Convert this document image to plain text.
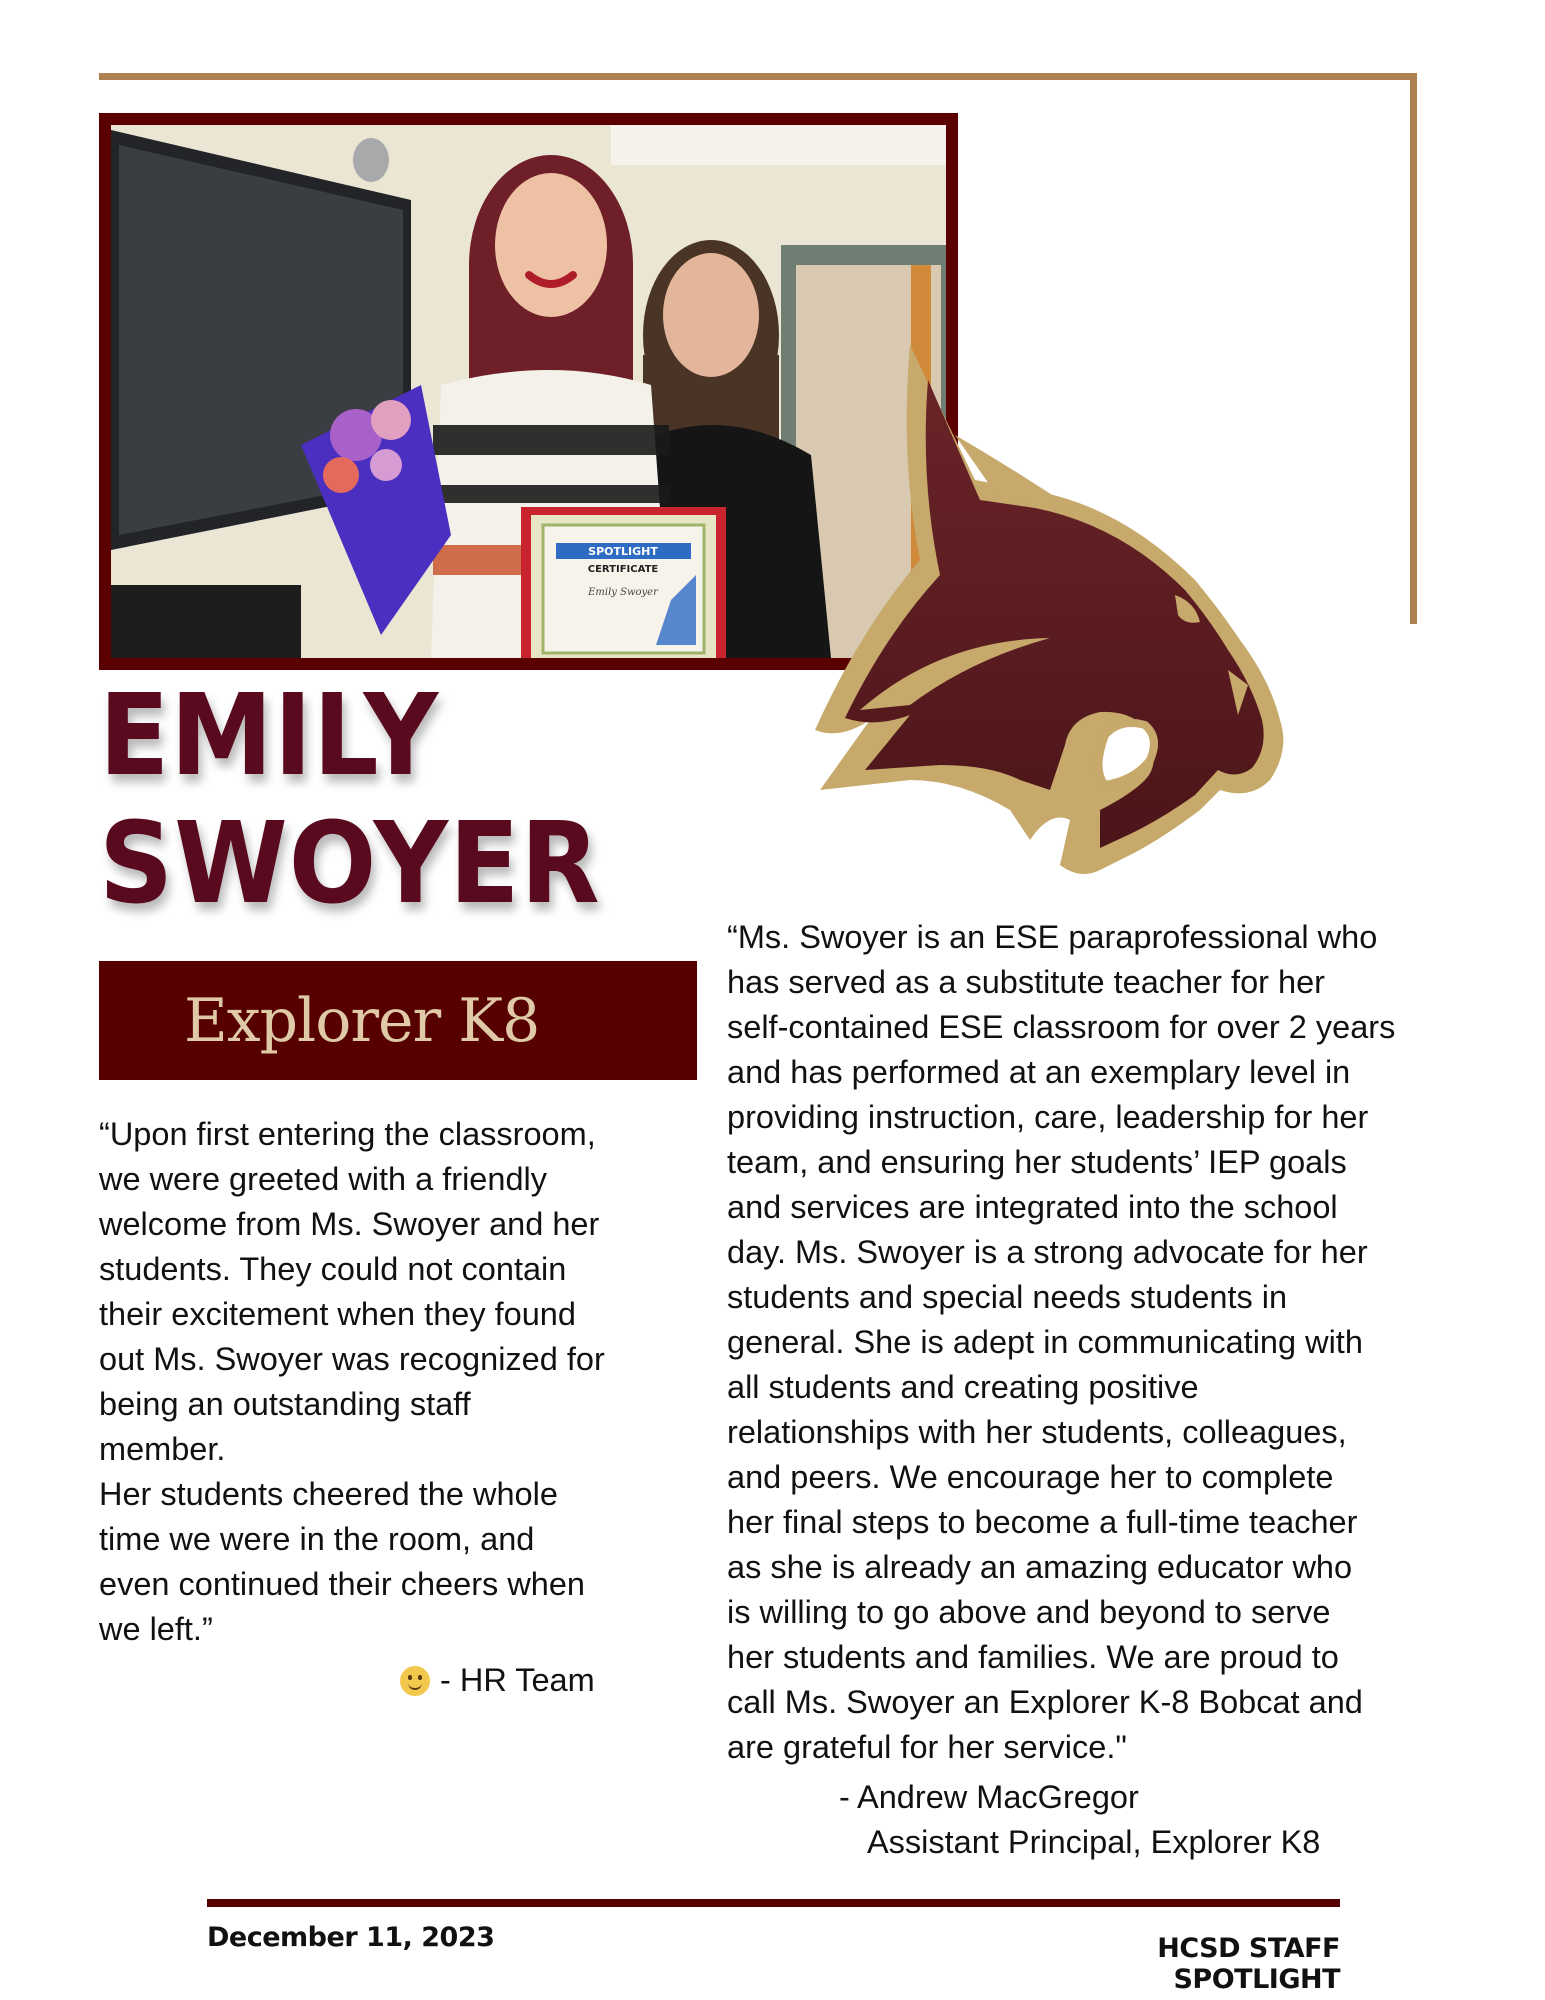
SPOTLIGHT
CERTIFICATE
Emily Swoyer
EMILY
SWOYER
Explorer K8
“Upon first entering the classroom,
we were greeted with a friendly
welcome from Ms. Swoyer and her
students. They could not contain
their excitement when they found
out Ms. Swoyer was recognized for
being an outstanding staff
member.
Her students cheered the whole
time we were in the room, and
even continued their cheers when
we left.”
- HR Team
“Ms. Swoyer is an ESE paraprofessional who
has served as a substitute teacher for her
self-contained ESE classroom for over 2 years
and has performed at an exemplary level in
providing instruction, care, leadership for her
team, and ensuring her students’ IEP goals
and services are integrated into the school
day. Ms. Swoyer is a strong advocate for her
students and special needs students in
general. She is adept in communicating with
all students and creating positive
relationships with her students, colleagues,
and peers. We encourage her to complete
her final steps to become a full-time teacher
as she is already an amazing educator who
is willing to go above and beyond to serve
her students and families. We are proud to
call Ms. Swoyer an Explorer K-8 Bobcat and
are grateful for her service."
- Andrew MacGregor
Assistant Principal, Explorer K8
December 11, 2023	HCSD STAFF SPOTLIGHT
